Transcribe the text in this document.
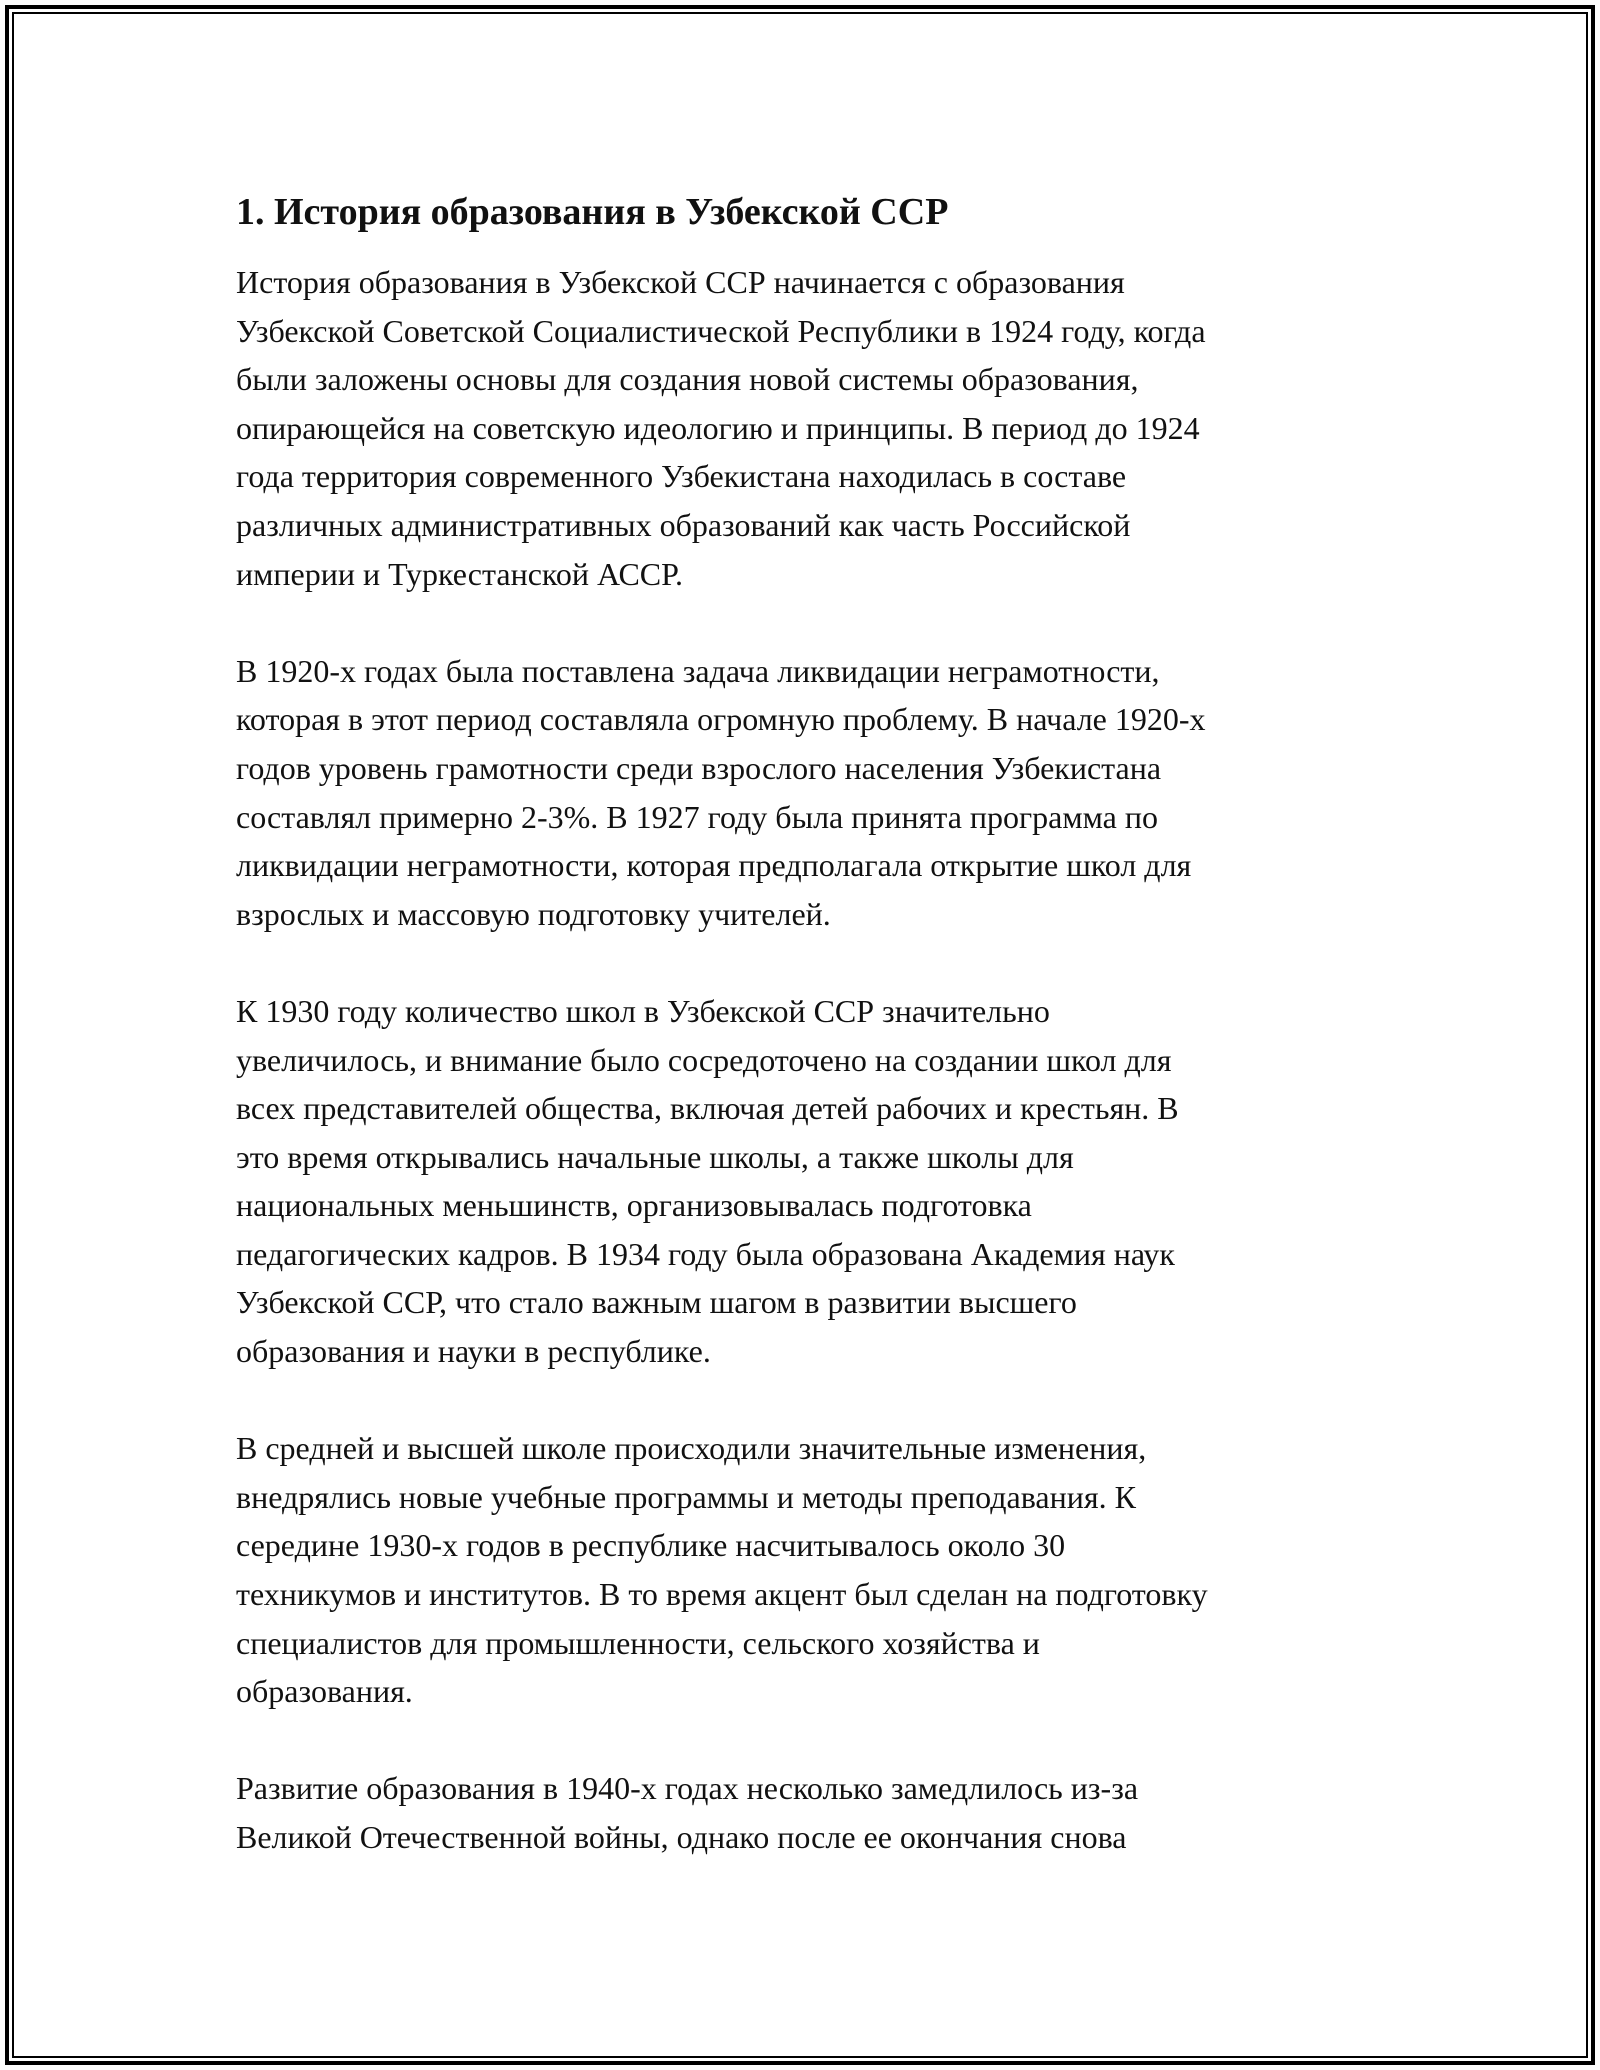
1. История образования в Узбекской ССР
История образования в Узбекской ССР начинается с образования
Узбекской Советской Социалистической Республики в 1924 году, когда
были заложены основы для создания новой системы образования,
опирающейся на советскую идеологию и принципы. В период до 1924
года территория современного Узбекистана находилась в составе
различных административных образований как часть Российской
империи и Туркестанской АССР.
В 1920-х годах была поставлена задача ликвидации неграмотности,
которая в этот период составляла огромную проблему. В начале 1920-х
годов уровень грамотности среди взрослого населения Узбекистана
составлял примерно 2-3%. В 1927 году была принята программа по
ликвидации неграмотности, которая предполагала открытие школ для
взрослых и массовую подготовку учителей.
К 1930 году количество школ в Узбекской ССР значительно
увеличилось, и внимание было сосредоточено на создании школ для
всех представителей общества, включая детей рабочих и крестьян. В
это время открывались начальные школы, а также школы для
национальных меньшинств, организовывалась подготовка
педагогических кадров. В 1934 году была образована Академия наук
Узбекской ССР, что стало важным шагом в развитии высшего
образования и науки в республике.
В средней и высшей школе происходили значительные изменения,
внедрялись новые учебные программы и методы преподавания. К
середине 1930-х годов в республике насчитывалось около 30
техникумов и институтов. В то время акцент был сделан на подготовку
специалистов для промышленности, сельского хозяйства и
образования.
Развитие образования в 1940-х годах несколько замедлилось из-за
Великой Отечественной войны, однако после ее окончания снова
